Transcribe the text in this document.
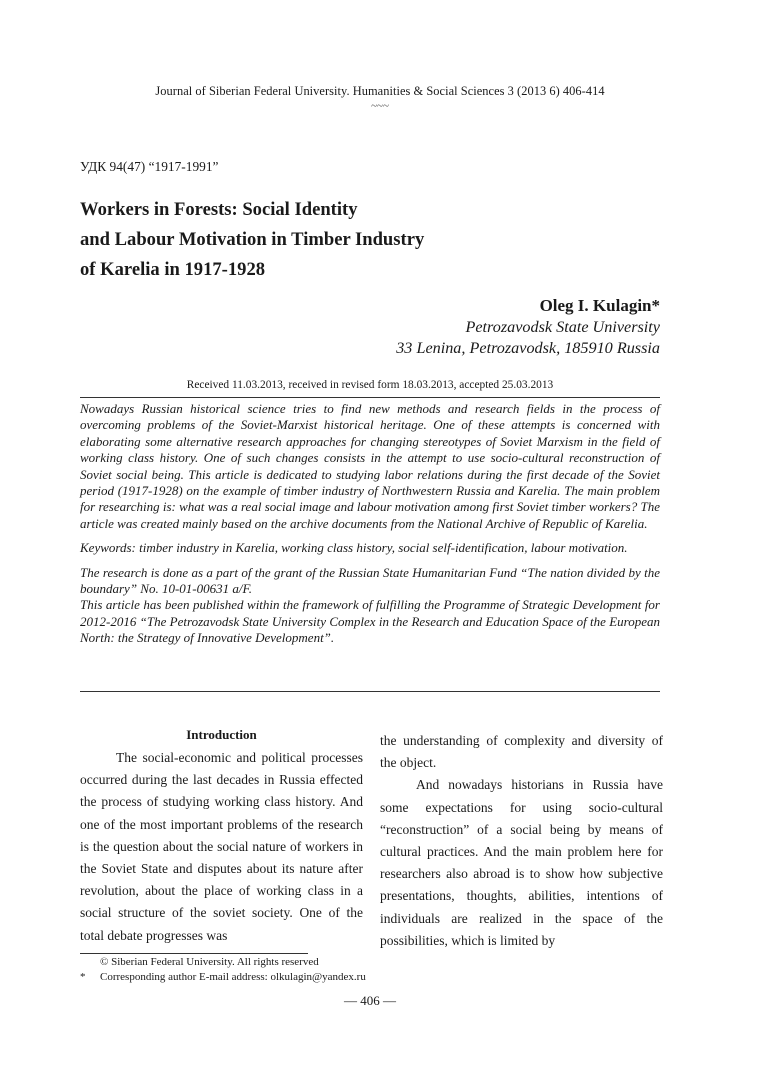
Journal of Siberian Federal University. Humanities & Social Sciences 3 (2013 6) 406-414
~~~
УДК 94(47) “1917-1991”
Workers in Forests: Social Identity
and Labour Motivation in Timber Industry
of Karelia in 1917-1928
Oleg I. Kulagin*
Petrozavodsk State University
33 Lenina, Petrozavodsk, 185910 Russia
Received 11.03.2013, received in revised form 18.03.2013, accepted 25.03.2013

Nowadays Russian historical science tries to find new methods and research fields in the process of overcoming problems of the Soviet-Marxist historical heritage. One of these attempts is concerned with elaborating some alternative research approaches for changing stereotypes of Soviet Marxism in the field of working class history. One of such changes consists in the attempt to use socio-cultural reconstruction of Soviet social being. This article is dedicated to studying labor relations during the first decade of the Soviet period (1917-1928) on the example of timber industry of Northwestern Russia and Karelia. The main problem for researching is: what was a real social image and labour motivation among first Soviet timber workers? The article was created mainly based on the archive documents from the National Archive of Republic of Karelia.

Keywords: timber industry in Karelia, working class history, social self-identification, labour motivation.

The research is done as a part of the grant of the Russian State Humanitarian Fund “The nation divided by the boundary” No. 10-01-00631 a/F.

This article has been published within the framework of fulfilling the Programme of Strategic Development for 2012-2016 “The Petrozavodsk State University Complex in the Research and Education Space of the European North: the Strategy of Innovative Development”.

Introduction

The social-economic and political processes occurred during the last decades in Russia effected the process of studying working class history. And one of the most important problems of the research is the question about the social nature of workers in the Soviet State and disputes about its nature after revolution, about the place of working class in a social structure of the soviet society. One of the total debate progresses was

the understanding of complexity and diversity of the object.

And nowadays historians in Russia have some expectations for using socio-cultural “reconstruction” of a social being by means of cultural practices. And the main problem here for researchers also abroad is to show how subjective presentations, thoughts, abilities, intentions of individuals are realized in the space of the possibilities, which is limited by

© Siberian Federal University. All rights reserved
*	Corresponding author E-mail address: olkulagin@yandex.ru
— 406 —
